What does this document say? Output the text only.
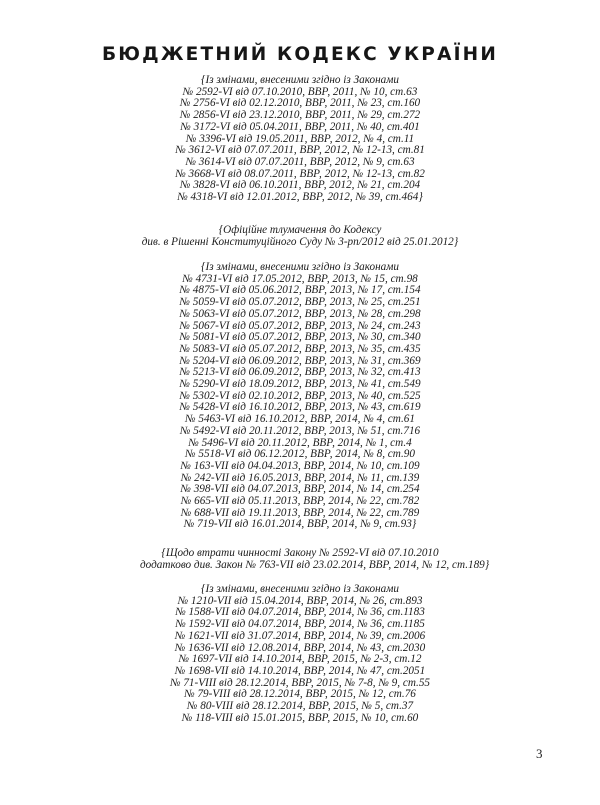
БЮДЖЕТНИЙ КОДЕКС УКРАЇНИ
{Із змінами, внесеними згідно із Законами
№ 2592-VI від 07.10.2010, ВВР, 2011, № 10, ст.63
№ 2756-VI від 02.12.2010, ВВР, 2011, № 23, ст.160
№ 2856-VI від 23.12.2010, ВВР, 2011, № 29, ст.272
№ 3172-VI від 05.04.2011, ВВР, 2011, № 40, ст.401
№ 3396-VI від 19.05.2011, ВВР, 2012, № 4, ст.11
№ 3612-VI від 07.07.2011, ВВР, 2012, № 12-13, ст.81
№ 3614-VI від 07.07.2011, ВВР, 2012, № 9, ст.63
№ 3668-VI від 08.07.2011, ВВР, 2012, № 12-13, ст.82
№ 3828-VI від 06.10.2011, ВВР, 2012, № 21, ст.204
№ 4318-VI від 12.01.2012, ВВР, 2012, № 39, ст.464}
{Офіційне тлумачення до Кодексу
див. в Рішенні Конституційного Суду № 3-рп/2012 від 25.01.2012}
{Із змінами, внесеними згідно із Законами
№ 4731-VI від 17.05.2012, ВВР, 2013, № 15, ст.98
№ 4875-VI від 05.06.2012, ВВР, 2013, № 17, ст.154
№ 5059-VI від 05.07.2012, ВВР, 2013, № 25, ст.251
№ 5063-VI від 05.07.2012, ВВР, 2013, № 28, ст.298
№ 5067-VI від 05.07.2012, ВВР, 2013, № 24, ст.243
№ 5081-VI від 05.07.2012, ВВР, 2013, № 30, ст.340
№ 5083-VI від 05.07.2012, ВВР, 2013, № 35, ст.435
№ 5204-VI від 06.09.2012, ВВР, 2013, № 31, ст.369
№ 5213-VI від 06.09.2012, ВВР, 2013, № 32, ст.413
№ 5290-VI від 18.09.2012, ВВР, 2013, № 41, ст.549
№ 5302-VI від 02.10.2012, ВВР, 2013, № 40, ст.525
№ 5428-VI від 16.10.2012, ВВР, 2013, № 43, ст.619
№ 5463-VI від 16.10.2012, ВВР, 2014, № 4, ст.61
№ 5492-VI від 20.11.2012, ВВР, 2013, № 51, ст.716
№ 5496-VI від 20.11.2012, ВВР, 2014, № 1, ст.4
№ 5518-VI від 06.12.2012, ВВР, 2014, № 8, ст.90
№ 163-VII від 04.04.2013, ВВР, 2014, № 10, ст.109
№ 242-VII від 16.05.2013, ВВР, 2014, № 11, ст.139
№ 398-VII від 04.07.2013, ВВР, 2014, № 14, ст.254
№ 665-VII від 05.11.2013, ВВР, 2014, № 22, ст.782
№ 688-VII від 19.11.2013, ВВР, 2014, № 22, ст.789
№ 719-VII від 16.01.2014, ВВР, 2014, № 9, ст.93}
{Щодо втрати чинності Закону № 2592-VI від 07.10.2010
додатково див. Закон № 763-VII від 23.02.2014, ВВР, 2014, № 12, ст.189}
{Із змінами, внесеними згідно із Законами
№ 1210-VII від 15.04.2014, ВВР, 2014, № 26, ст.893
№ 1588-VII від 04.07.2014, ВВР, 2014, № 36, ст.1183
№ 1592-VII від 04.07.2014, ВВР, 2014, № 36, ст.1185
№ 1621-VII від 31.07.2014, ВВР, 2014, № 39, ст.2006
№ 1636-VII від 12.08.2014, ВВР, 2014, № 43, ст.2030
№ 1697-VII від 14.10.2014, ВВР, 2015, № 2-3, ст.12
№ 1698-VII від 14.10.2014, ВВР, 2014, № 47, ст.2051
№ 71-VIII від 28.12.2014, ВВР, 2015, № 7-8, № 9, ст.55
№ 79-VIII від 28.12.2014, ВВР, 2015, № 12, ст.76
№ 80-VIII від 28.12.2014, ВВР, 2015, № 5, ст.37
№ 118-VIII від 15.01.2015, ВВР, 2015, № 10, ст.60
3
